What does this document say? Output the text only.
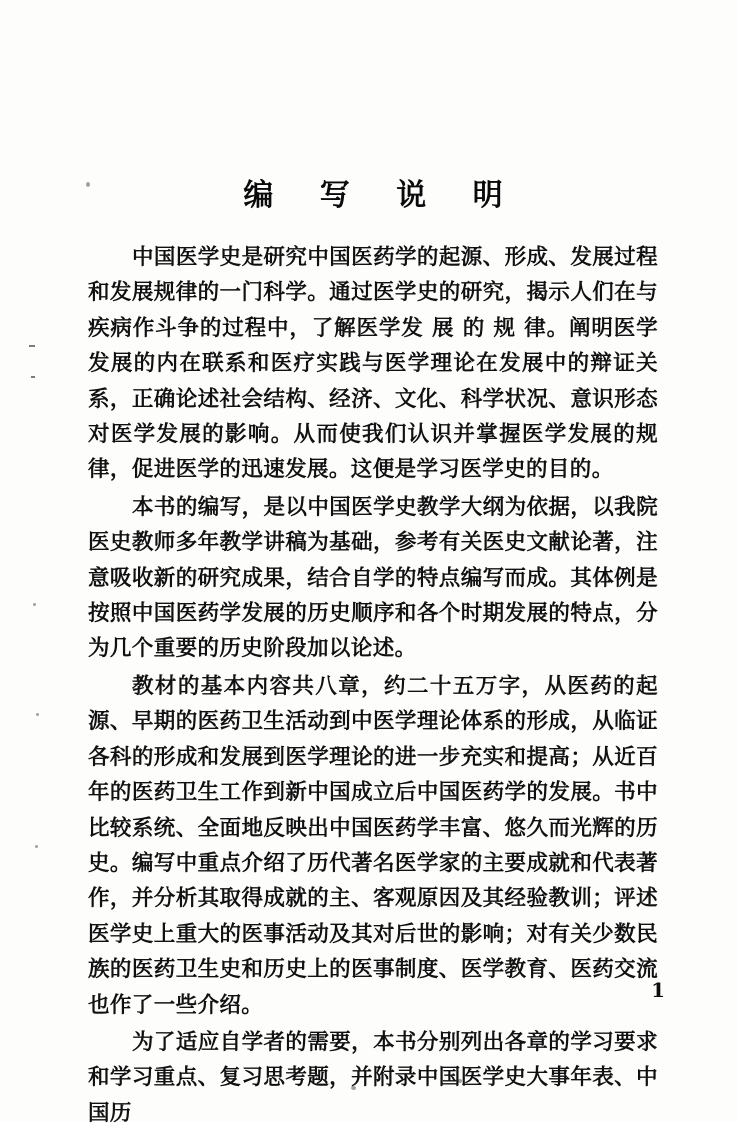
编 写 说 明

中国医学史是研究中国医药学的起源、形成、发展过程和发展规律的一门科学。通过医学史的研究，揭示人们在与疾病作斗争的过程中，了解医学发 展 的 规 律。阐明医学发展的内在联系和医疗实践与医学理论在发展中的辩证关系，正确论述社会结构、经济、文化、科学状况、意识形态对医学发展的影响。从而使我们认识并掌握医学发展的规律，促进医学的迅速发展。这便是学习医学史的目的。

本书的编写，是以中国医学史教学大纲为依据，以我院医史教师多年教学讲稿为基础，参考有关医史文献论著，注意吸收新的研究成果，结合自学的特点编写而成。其体例是按照中国医药学发展的历史顺序和各个时期发展的特点，分为几个重要的历史阶段加以论述。

教材的基本内容共八章，约二十五万字，从医药的起源、早期的医药卫生活动到中医学理论体系的形成，从临证各科的形成和发展到医学理论的进一步充实和提高；从近百年的医药卫生工作到新中国成立后中国医药学的发展。书中比较系统、全面地反映出中国医药学丰富、悠久而光辉的历史。编写中重点介绍了历代著名医学家的主要成就和代表著作，并分析其取得成就的主、客观原因及其经验教训；评述医学史上重大的医事活动及其对后世的影响；对有关少数民族的医药卫生史和历史上的医事制度、医学教育、医药交流也作了一些介绍。

为了适应自学者的需要，本书分别列出各章的学习要求和学习重点、复习思考题，并附录中国医学史大事年表、中国历

1
